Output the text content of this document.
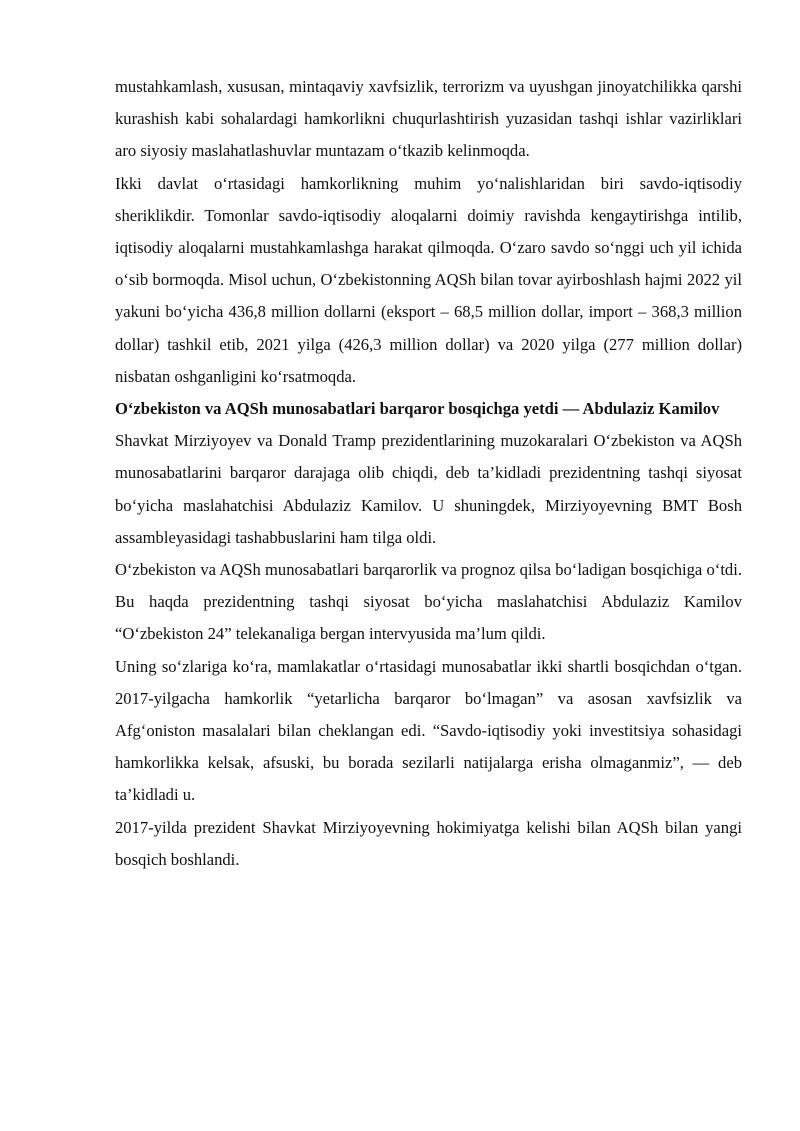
mustahkamlash, xususan, mintaqaviy xavfsizlik, terrorizm va uyushgan jinoyatchilikka qarshi kurashish kabi sohalardagi hamkorlikni chuqurlashtirish yuzasidan tashqi ishlar vazirliklari aro siyosiy maslahatlashuvlar muntazam o‘tkazib kelinmoqda.

Ikki davlat o‘rtasidagi hamkorlikning muhim yo‘nalishlaridan biri savdo-iqtisodiy sheriklikdir. Tomonlar savdo-iqtisodiy aloqalarni doimiy ravishda kengaytirishga intilib, iqtisodiy aloqalarni mustahkamlashga harakat qilmoqda. O‘zaro savdo so‘nggi uch yil ichida o‘sib bormoqda. Misol uchun, O‘zbekistonning AQSh bilan tovar ayirboshlash hajmi 2022 yil yakuni bo‘yicha 436,8 million dollarni (eksport – 68,5 million dollar, import – 368,3 million dollar) tashkil etib, 2021 yilga (426,3 million dollar) va 2020 yilga (277 million dollar) nisbatan oshganligini ko‘rsatmoqda.

O‘zbekiston va AQSh munosabatlari barqaror bosqichga yetdi — Abdulaziz Kamilov

Shavkat Mirziyoyev va Donald Tramp prezidentlarining muzokaralari O‘zbekiston va AQSh munosabatlarini barqaror darajaga olib chiqdi, deb ta’kidladi prezidentning tashqi siyosat bo‘yicha maslahatchisi Abdulaziz Kamilov. U shuningdek, Mirziyoyevning BMT Bosh assambleyasidagi tashabbuslarini ham tilga oldi.

O‘zbekiston va AQSh munosabatlari barqarorlik va prognoz qilsa bo‘ladigan bosqichiga o‘tdi. Bu haqda prezidentning tashqi siyosat bo‘yicha maslahatchisi Abdulaziz Kamilov “O‘zbekiston 24” telekanaliga bergan intervyusida ma’lum qildi.

Uning so‘zlariga ko‘ra, mamlakatlar o‘rtasidagi munosabatlar ikki shartli bosqichdan o‘tgan. 2017-yilgacha hamkorlik “yetarlicha barqaror bo‘lmagan” va asosan xavfsizlik va Afg‘oniston masalalari bilan cheklangan edi. “Savdo-iqtisodiy yoki investitsiya sohasidagi hamkorlikka kelsak, afsuski, bu borada sezilarli natijalarga erisha olmaganmiz”, — deb ta’kidladi u.

2017-yilda prezident Shavkat Mirziyoyevning hokimiyatga kelishi bilan AQSh bilan yangi bosqich boshlandi.
